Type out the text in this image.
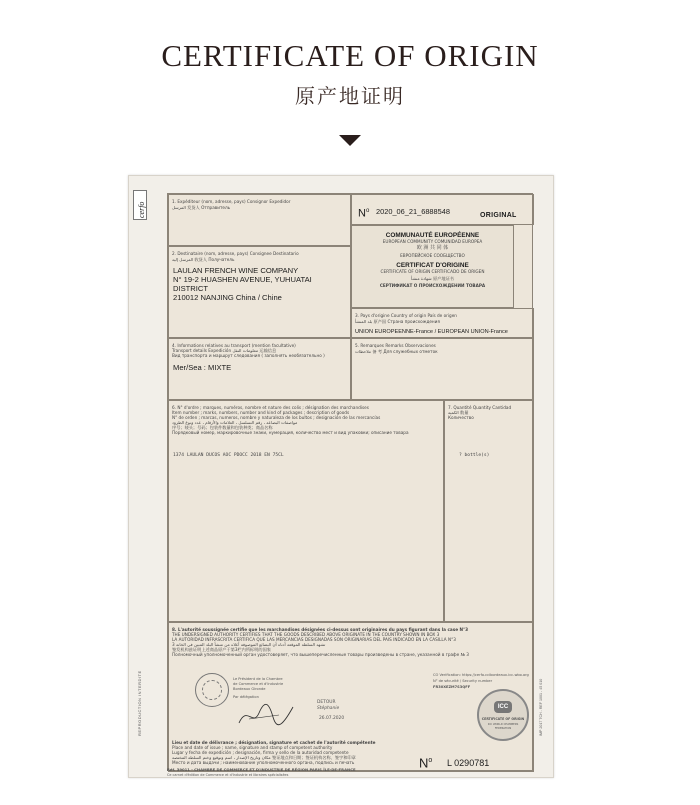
CERTIFICATE OF ORIGIN
原产地证明
cerfo
REPRODUCTION INTERDITE	IMP 2017 TCH - REF 1001 - 45 010
1. Expéditeur (nom, adresse, pays) Consignor Expedidor
المرسل 发货人 Отправитель
$N^o$ 2020_06_21_6888548	ORIGINAL
COMMUNAUTÉ EUROPÉENNE
EUROPEAN COMMUNITY COMUNIDAD EUROPEA
欧 洲 共 同 体
ЕВРОПЕЙСКОЕ СООБЩЕСТВО
CERTIFICAT D'ORIGINE
CERTIFICATE OF ORIGIN CERTIFICADO DE ORIGEN
شهادة منشأ 原产地证书
СЕРТИФИКАТ О ПРОИСХОЖДЕНИИ ТОВАРА
2. Destinataire (nom, adresse, pays) Consignee Destinatario
المرسل إليه 收货人 Получатель
LAULAN FRENCH WINE COMPANY
N° 19-2 HUASHEN AVENUE, YUHUATAI
DISTRICT
210012 NANJING China / Chine
3. Pays d'origine Country of origin País de origen
بلد المنشأ 原产国 Страна происхождения
UNION EUROPEENNE-France / EUROPEAN UNION-France
4. Informations relatives au transport (mention facultative)
Transport details Expedición معلومات النقل 运输信息
Вид транспорта и маршрут следования ( заполнять необязательно )
Mer/Sea : MIXTE
5. Remarques Remarks Observaciones
ملاحظات 备 考 Для служебных отметок
6. N° d'ordre ; marques, numéros, nombre et nature des colis ; désignation des marchandises
Item number ; marks, numbers, number and kind of packages ; description of goods
N° de orden ; marcas, numeros, nombre y naturaleza de los bultos ; designación de las mercancías
مواصفات البضاعة ، رقم التسلسل ، العلامات والأرقام ، عدد ونوع الطرود
序号；唛头；号码；包装件数量和包装种类；商品名称
Порядковый номер, маркировочные знаки, нумерация, количество мест и вид упаковки; описание товара
1374 LAULAN DUCOS AOC PDOCC 2018 EN 75CL
7. Quantité Quantity Cantidad
الكمية 数量
Количество
? bottle(s)
8. L'autorité soussignée certifie que les marchandises désignées ci-dessus sont originaires du pays figurant dans la case N°3
THE UNDERSIGNED AUTHORITY CERTIFIES THAT THE GOODS DESCRIBED ABOVE ORIGINATE IN THE COUNTRY SHOWN IN BOX 3
LA AUTORIDAD INFRASCRITA CERTIFICA QUE LAS MERCANCIAS DESIGNADAS SON ORIGINARIAS DEL PAIS INDICADO EN LA CASILLA N°3
تشهد السلطة الموقعة أدناه أن البضائع الموصوفة أعلاه من منشأ البلد المبين في الخانة 3
签发机构兹证明上述商品原产于第3栏内所标明的国家
Полномочный уполномоченный орган удостоверяет, что вышеперечисленные товары произведены в стране, указанной в графе № 3
Le Président de la Chambre
de Commerce et d'Industrie
Bordeaux Gironde
Par délégation
DETOUR
Stéphanie
26.07.2020
CO Verification: https://cerfo.ccibordeaux.icc-wbo.org
N° de sécurité / Security number
FR30XEZM7S3QFF
ICC
CERTIFICATE OF ORIGIN
ICC WORLD CHAMBERS FEDERATION
Lieu et date de délivrance ; désignation, signature et cachet de l'autorité compétente
Place and date of issue ; name, signature and stamp of competent authority
Lugar y fecha de expedición ; designación, firma y sello de la autoridad competente
مكان وتاريخ الإصدار ، اسم وتوقيع وختم السلطة المختصة 签证地点和日期；签证机构名称、签字和印章
Место и дата выдачи ; наименование уполномоченного органа, подпись и печать
Réf. 39011 - CHAMBRE DE COMMERCE ET D'INDUSTRIE DE RÉGION PARIS ÎLE-DE-FRANCE
Ce carnet d'édition de Commerce et d'Industrie et libraires spécialisées
$N^o$ L 0290781
